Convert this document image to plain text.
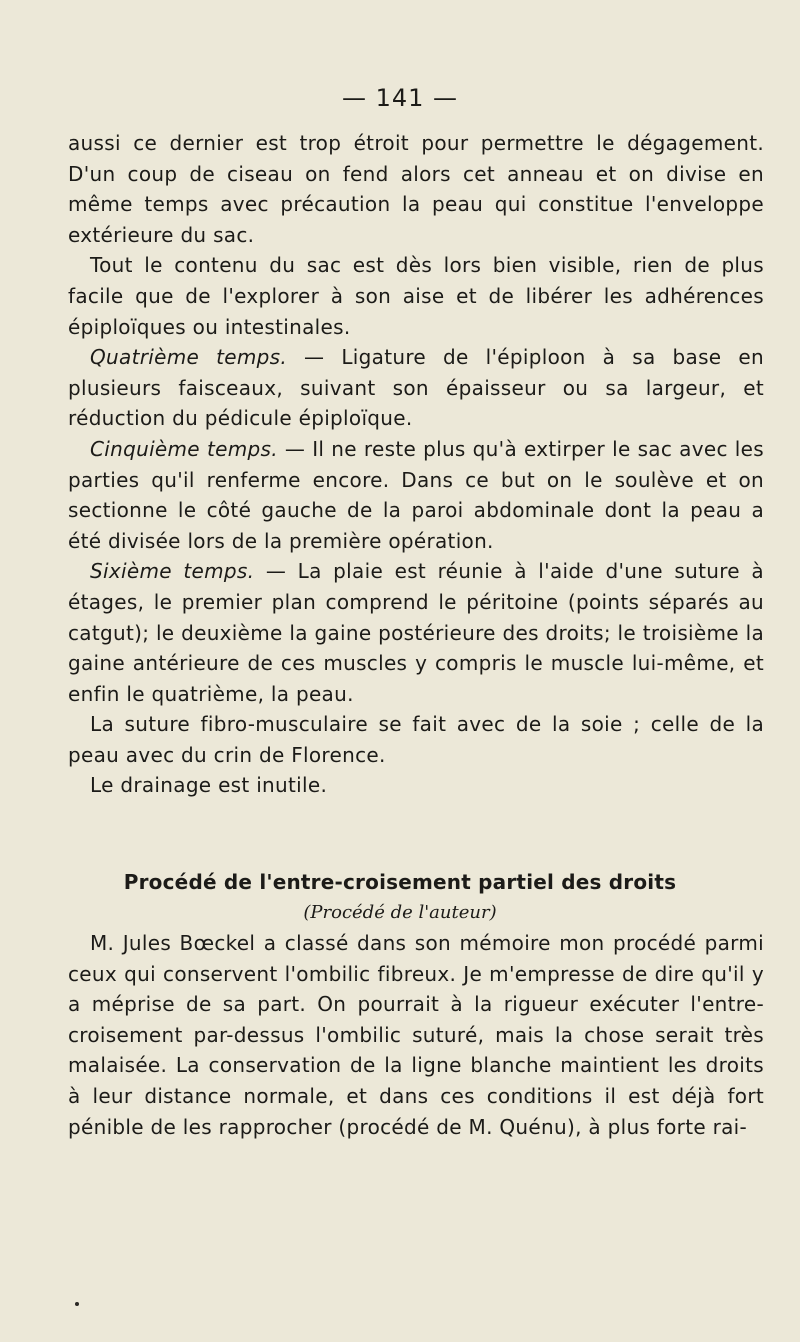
— 141 —

aussi ce dernier est trop étroit pour permettre le dégagement. D'un coup de ciseau on fend alors cet anneau et on divise en même temps avec précaution la peau qui constitue l'enveloppe extérieure du sac.

Tout le contenu du sac est dès lors bien visible, rien de plus facile que de l'explorer à son aise et de libérer les adhérences épiploïques ou intestinales.

Quatrième temps. — Ligature de l'épiploon à sa base en plusieurs faisceaux, suivant son épaisseur ou sa largeur, et réduction du pédicule épiploïque.

Cinquième temps. — Il ne reste plus qu'à extirper le sac avec les parties qu'il renferme encore. Dans ce but on le soulève et on sectionne le côté gauche de la paroi abdominale dont la peau a été divisée lors de la première opération.

Sixième temps. — La plaie est réunie à l'aide d'une suture à étages, le premier plan comprend le péritoine (points séparés au catgut); le deuxième la gaine postérieure des droits; le troisième la gaine antérieure de ces muscles y compris le muscle lui-même, et enfin le quatrième, la peau.

La suture fibro-musculaire se fait avec de la soie ; celle de la peau avec du crin de Florence.

Le drainage est inutile.

Procédé de l'entre-croisement partiel des droits
(Procédé de l'auteur)

M. Jules Bœckel a classé dans son mémoire mon procédé parmi ceux qui conservent l'ombilic fibreux. Je m'empresse de dire qu'il y a méprise de sa part. On pourrait à la rigueur exécuter l'entre-croisement par-dessus l'ombilic suturé, mais la chose serait très malaisée. La conservation de la ligne blanche maintient les droits à leur distance normale, et dans ces conditions il est déjà fort pénible de les rapprocher (procédé de M. Quénu), à plus forte rai-
